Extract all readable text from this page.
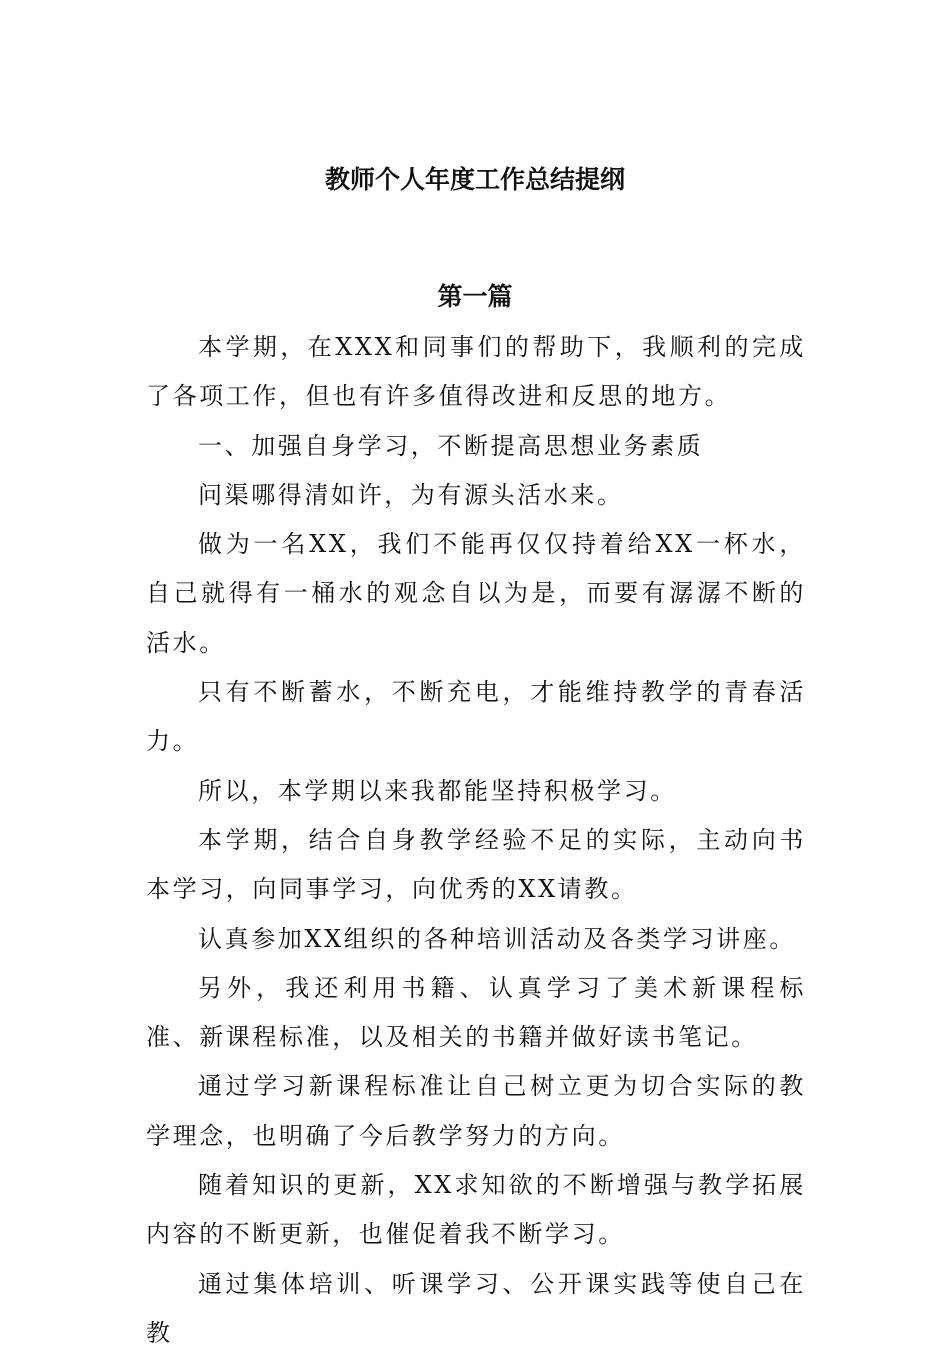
教师个人年度工作总结提纲
第一篇

本学期，在XXX和同事们的帮助下，我顺利的完成了各项工作，但也有许多值得改进和反思的地方。

一、加强自身学习，不断提高思想业务素质

问渠哪得清如许，为有源头活水来。

做为一名XX，我们不能再仅仅持着给XX一杯水，自己就得有一桶水的观念自以为是，而要有潺潺不断的活水。

只有不断蓄水，不断充电，才能维持教学的青春活力。

所以，本学期以来我都能坚持积极学习。

本学期，结合自身教学经验不足的实际，主动向书本学习，向同事学习，向优秀的XX请教。

认真参加XX组织的各种培训活动及各类学习讲座。

另外，我还利用书籍、认真学习了美术新课程标准、新课程标准，以及相关的书籍并做好读书笔记。

通过学习新课程标准让自己树立更为切合实际的教学理念，也明确了今后教学努力的方向。

随着知识的更新，XX求知欲的不断增强与教学拓展内容的不断更新，也催促着我不断学习。

通过集体培训、听课学习、公开课实践等使自己在教
